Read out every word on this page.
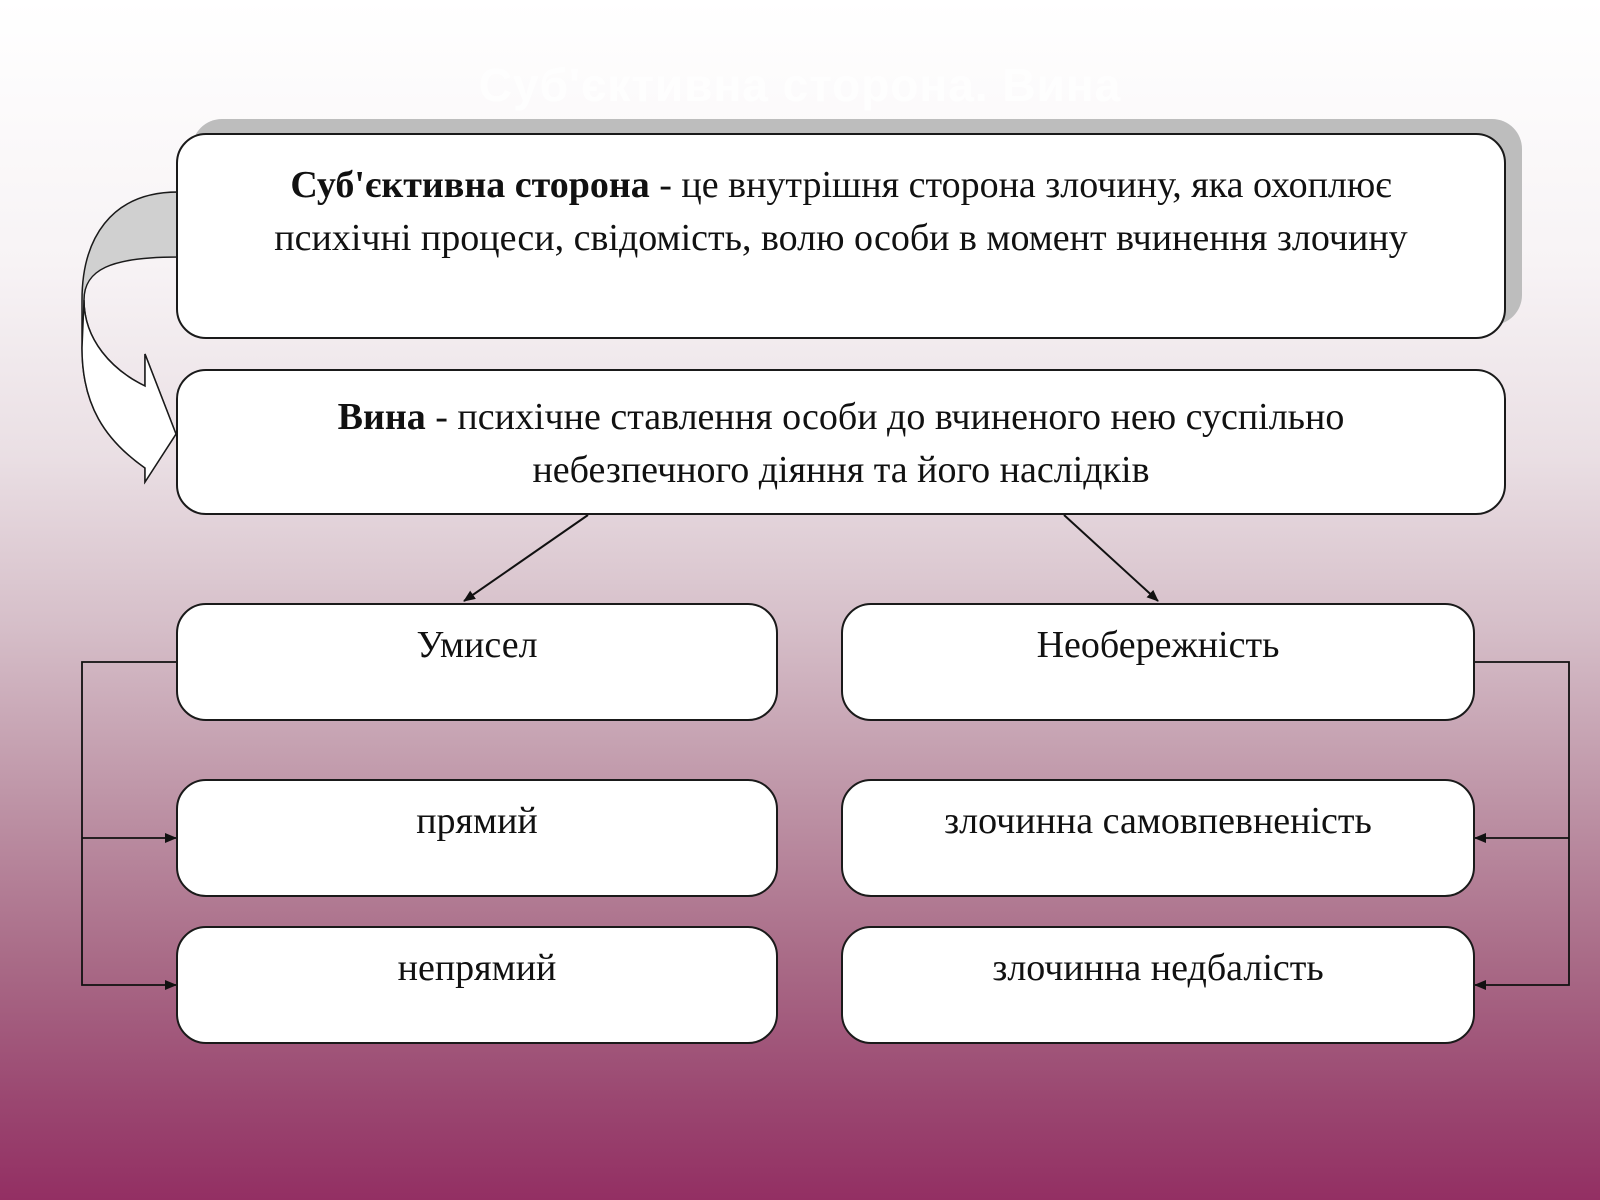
Суб'єктивна сторона. Вина
Суб'єктивна сторона - це внутрішня сторона злочину, яка охоплює психічні процеси, свідомість, волю особи в момент вчинення злочину
Вина - психічне ставлення особи до вчиненого нею суспільно небезпечного діяння та його наслідків
Умисел	Необережність
прямий	злочинна самовпевненість
непрямий	злочинна недбалість
